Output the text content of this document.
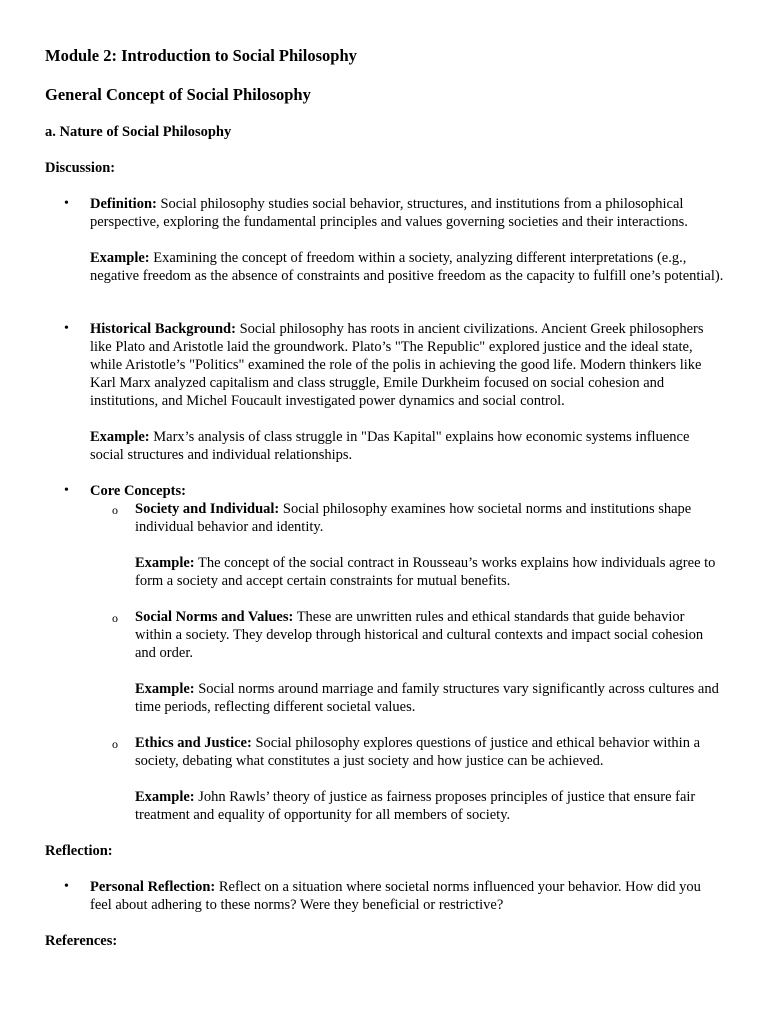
Module 2: Introduction to Social Philosophy
General Concept of Social Philosophy
a. Nature of Social Philosophy
Discussion:
• Definition: Social philosophy studies social behavior, structures, and institutions from a philosophical perspective, exploring the fundamental principles and values governing societies and their interactions.

Example: Examining the concept of freedom within a society, analyzing different interpretations (e.g., negative freedom as the absence of constraints and positive freedom as the capacity to fulfill one’s potential).

• Historical Background: Social philosophy has roots in ancient civilizations. Ancient Greek philosophers like Plato and Aristotle laid the groundwork. Plato’s "The Republic" explored justice and the ideal state, while Aristotle’s "Politics" examined the role of the polis in achieving the good life. Modern thinkers like Karl Marx analyzed capitalism and class struggle, Emile Durkheim focused on social cohesion and institutions, and Michel Foucault investigated power dynamics and social control.

Example: Marx’s analysis of class struggle in "Das Kapital" explains how economic systems influence social structures and individual relationships.

• Core Concepts:

o Society and Individual: Social philosophy examines how societal norms and institutions shape individual behavior and identity.

Example: The concept of the social contract in Rousseau’s works explains how individuals agree to form a society and accept certain constraints for mutual benefits.

o Social Norms and Values: These are unwritten rules and ethical standards that guide behavior within a society. They develop through historical and cultural contexts and impact social cohesion and order.

Example: Social norms around marriage and family structures vary significantly across cultures and time periods, reflecting different societal values.

o Ethics and Justice: Social philosophy explores questions of justice and ethical behavior within a society, debating what constitutes a just society and how justice can be achieved.

Example: John Rawls’ theory of justice as fairness proposes principles of justice that ensure fair treatment and equality of opportunity for all members of society.

Reflection:
• Personal Reflection: Reflect on a situation where societal norms influenced your behavior. How did you feel about adhering to these norms? Were they beneficial or restrictive?

References:
